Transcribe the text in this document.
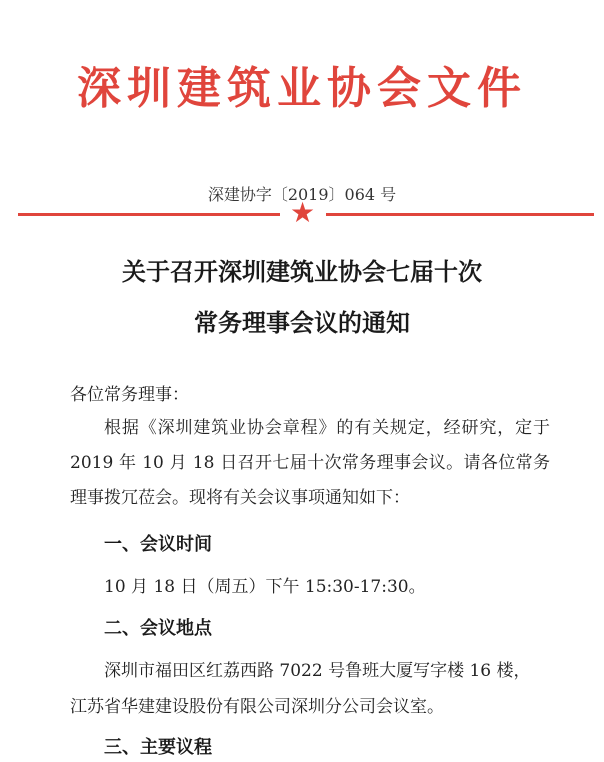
深圳建筑业协会文件
深建协字〔2019〕064 号
★
关于召开深圳建筑业协会七届十次
常务理事会议的通知
各位常务理事：
根据《深圳建筑业协会章程》的有关规定，经研究，定于 2019 年 10 月 18 日召开七届十次常务理事会议。请各位常务理事拨冗莅会。现将有关会议事项通知如下：
一、会议时间
10 月 18 日（周五）下午 15:30-17:30。
二、会议地点
深圳市福田区红荔西路 7022 号鲁班大厦写字楼 16 楼，
江苏省华建建设股份有限公司深圳分公司会议室。
三、主要议程
